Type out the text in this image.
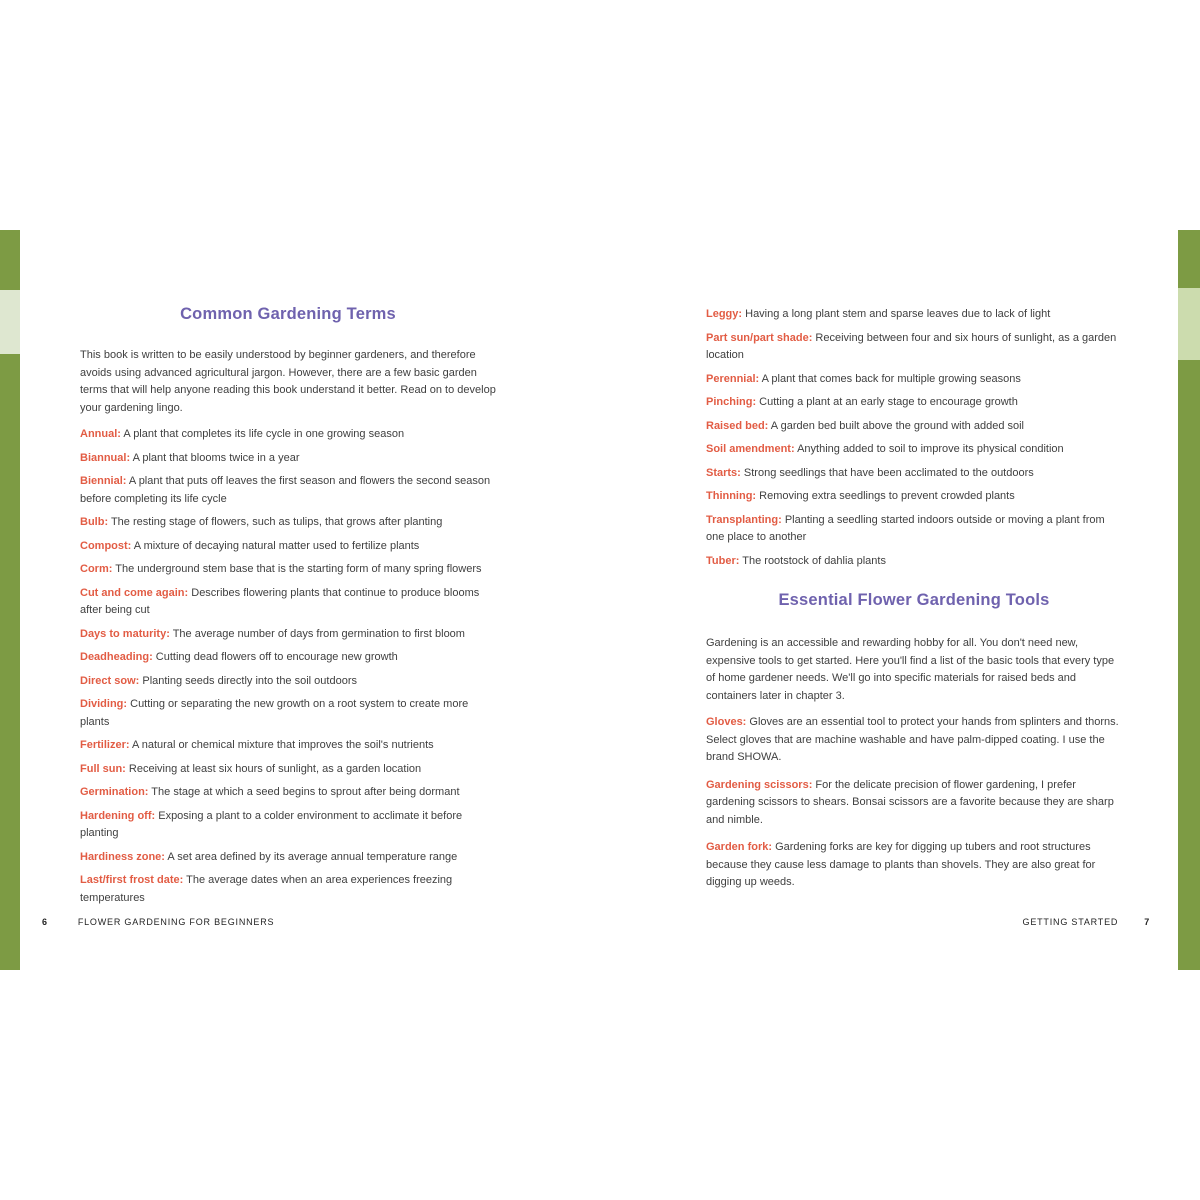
Common Gardening Terms

This book is written to be easily understood by beginner gardeners, and therefore avoids using advanced agricultural jargon. However, there are a few basic garden terms that will help anyone reading this book understand it better. Read on to develop your gardening lingo.

Annual: A plant that completes its life cycle in one growing season

Biannual: A plant that blooms twice in a year

Biennial: A plant that puts off leaves the first season and flowers the second season before completing its life cycle

Bulb: The resting stage of flowers, such as tulips, that grows after planting

Compost: A mixture of decaying natural matter used to fertilize plants

Corm: The underground stem base that is the starting form of many spring flowers

Cut and come again: Describes flowering plants that continue to produce blooms after being cut

Days to maturity: The average number of days from germination to first bloom

Deadheading: Cutting dead flowers off to encourage new growth

Direct sow: Planting seeds directly into the soil outdoors

Dividing: Cutting or separating the new growth on a root system to create more plants

Fertilizer: A natural or chemical mixture that improves the soil's nutrients

Full sun: Receiving at least six hours of sunlight, as a garden location

Germination: The stage at which a seed begins to sprout after being dormant

Hardening off: Exposing a plant to a colder environment to acclimate it before planting

Hardiness zone: A set area defined by its average annual temperature range

Last/first frost date: The average dates when an area experiences freezing temperatures

Leggy: Having a long plant stem and sparse leaves due to lack of light

Part sun/part shade: Receiving between four and six hours of sunlight, as a garden location

Perennial: A plant that comes back for multiple growing seasons

Pinching: Cutting a plant at an early stage to encourage growth

Raised bed: A garden bed built above the ground with added soil

Soil amendment: Anything added to soil to improve its physical condition

Starts: Strong seedlings that have been acclimated to the outdoors

Thinning: Removing extra seedlings to prevent crowded plants

Transplanting: Planting a seedling started indoors outside or moving a plant from one place to another

Tuber: The rootstock of dahlia plants

Essential Flower Gardening Tools

Gardening is an accessible and rewarding hobby for all. You don't need new, expensive tools to get started. Here you'll find a list of the basic tools that every type of home gardener needs. We'll go into specific materials for raised beds and containers later in chapter 3.

Gloves: Gloves are an essential tool to protect your hands from splinters and thorns. Select gloves that are machine washable and have palm-dipped coating. I use the brand SHOWA.

Gardening scissors: For the delicate precision of flower gardening, I prefer gardening scissors to shears. Bonsai scissors are a favorite because they are sharp and nimble.

Garden fork: Gardening forks are key for digging up tubers and root structures because they cause less damage to plants than shovels. They are also great for digging up weeds.

6	FLOWER GARDENING FOR BEGINNERS	GETTING STARTED	7
